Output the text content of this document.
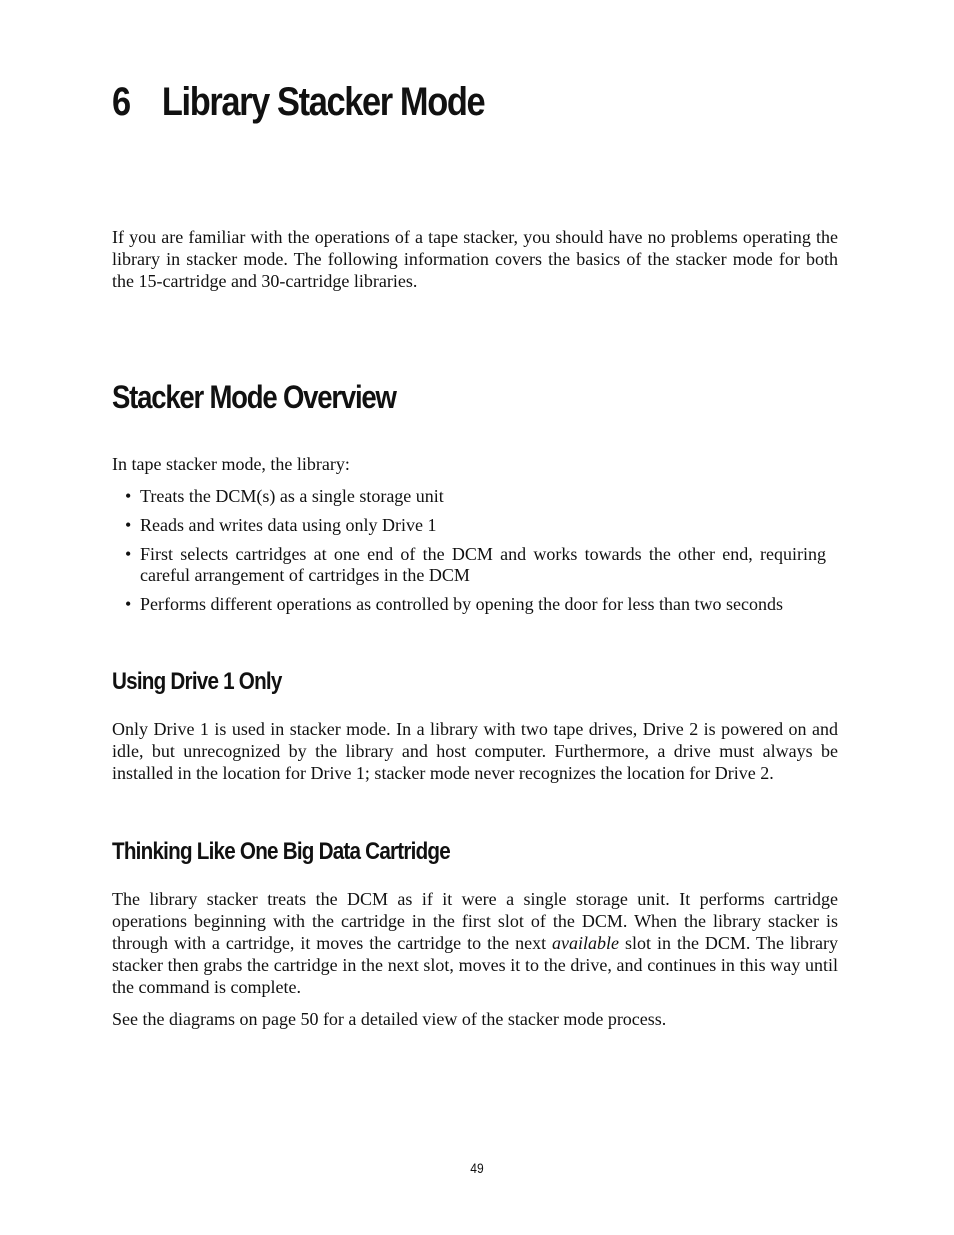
6 Library Stacker Mode

If you are familiar with the operations of a tape stacker, you should have no problems operating the library in stacker mode. The following information covers the basics of the stacker mode for both the 15-cartridge and 30-cartridge libraries.

Stacker Mode Overview

In tape stacker mode, the library:

• Treats the DCM(s) as a single storage unit
• Reads and writes data using only Drive 1
• First selects cartridges at one end of the DCM and works towards the other end, requiring careful arrangement of cartridges in the DCM
• Performs different operations as controlled by opening the door for less than two seconds
Using Drive 1 Only

Only Drive 1 is used in stacker mode. In a library with two tape drives, Drive 2 is powered on and idle, but unrecognized by the library and host computer. Furthermore, a drive must always be installed in the location for Drive 1; stacker mode never recognizes the location for Drive 2.

Thinking Like One Big Data Cartridge

The library stacker treats the DCM as if it were a single storage unit. It performs cartridge operations beginning with the cartridge in the first slot of the DCM. When the library stacker is through with a cartridge, it moves the cartridge to the next available slot in the DCM. The library stacker then grabs the cartridge in the next slot, moves it to the drive, and continues in this way until the command is complete.

See the diagrams on page 50 for a detailed view of the stacker mode process.

49
